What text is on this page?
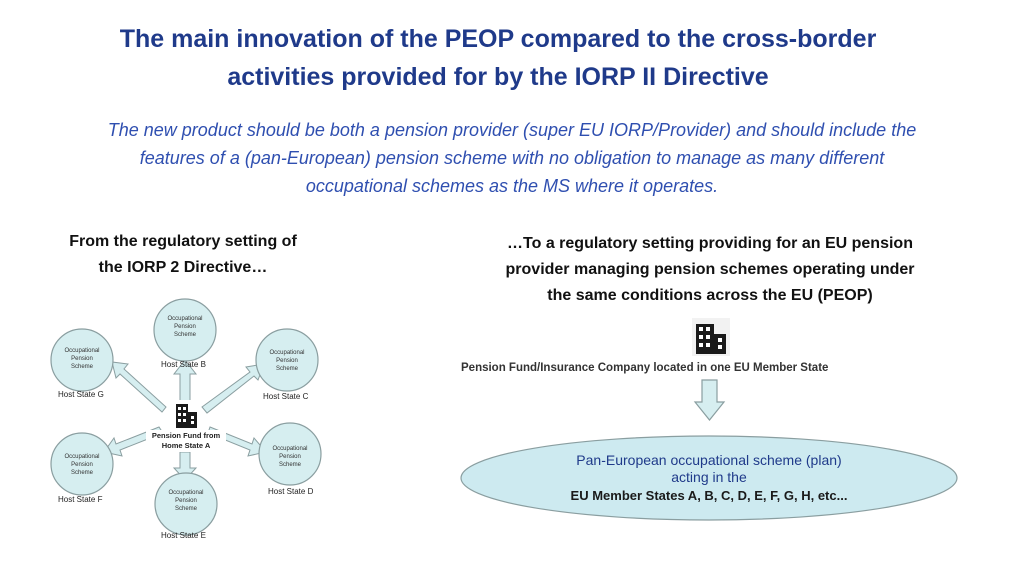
The main innovation of the PEOP compared to the cross-border
activities provided for by the IORP II Directive
The new product should be both a pension provider (super EU IORP/Provider) and should include the
features of a (pan-European) pension scheme with no obligation to manage as many different
occupational schemes as the MS where it operates.
From the regulatory setting of
the IORP 2 Directive…
…To a regulatory setting providing for an EU pension
provider managing pension schemes operating under
the same conditions across the EU (PEOP)
Occupational
Pension
Scheme
Occupational
Pension
Scheme
Occupational
Pension
Scheme
Occupational
Pension
Scheme
Occupational
Pension
Scheme
Occupational
Pension
Scheme
Host State B
Host State C
Host State G
Host State F
Host State D
Host State E
Pension Fund from
Home State A
Pension Fund/Insurance Company located in one EU Member State
Pan-European occupational scheme (plan)
acting in the
EU Member States A, B, C, D, E, F, G, H, etc...
